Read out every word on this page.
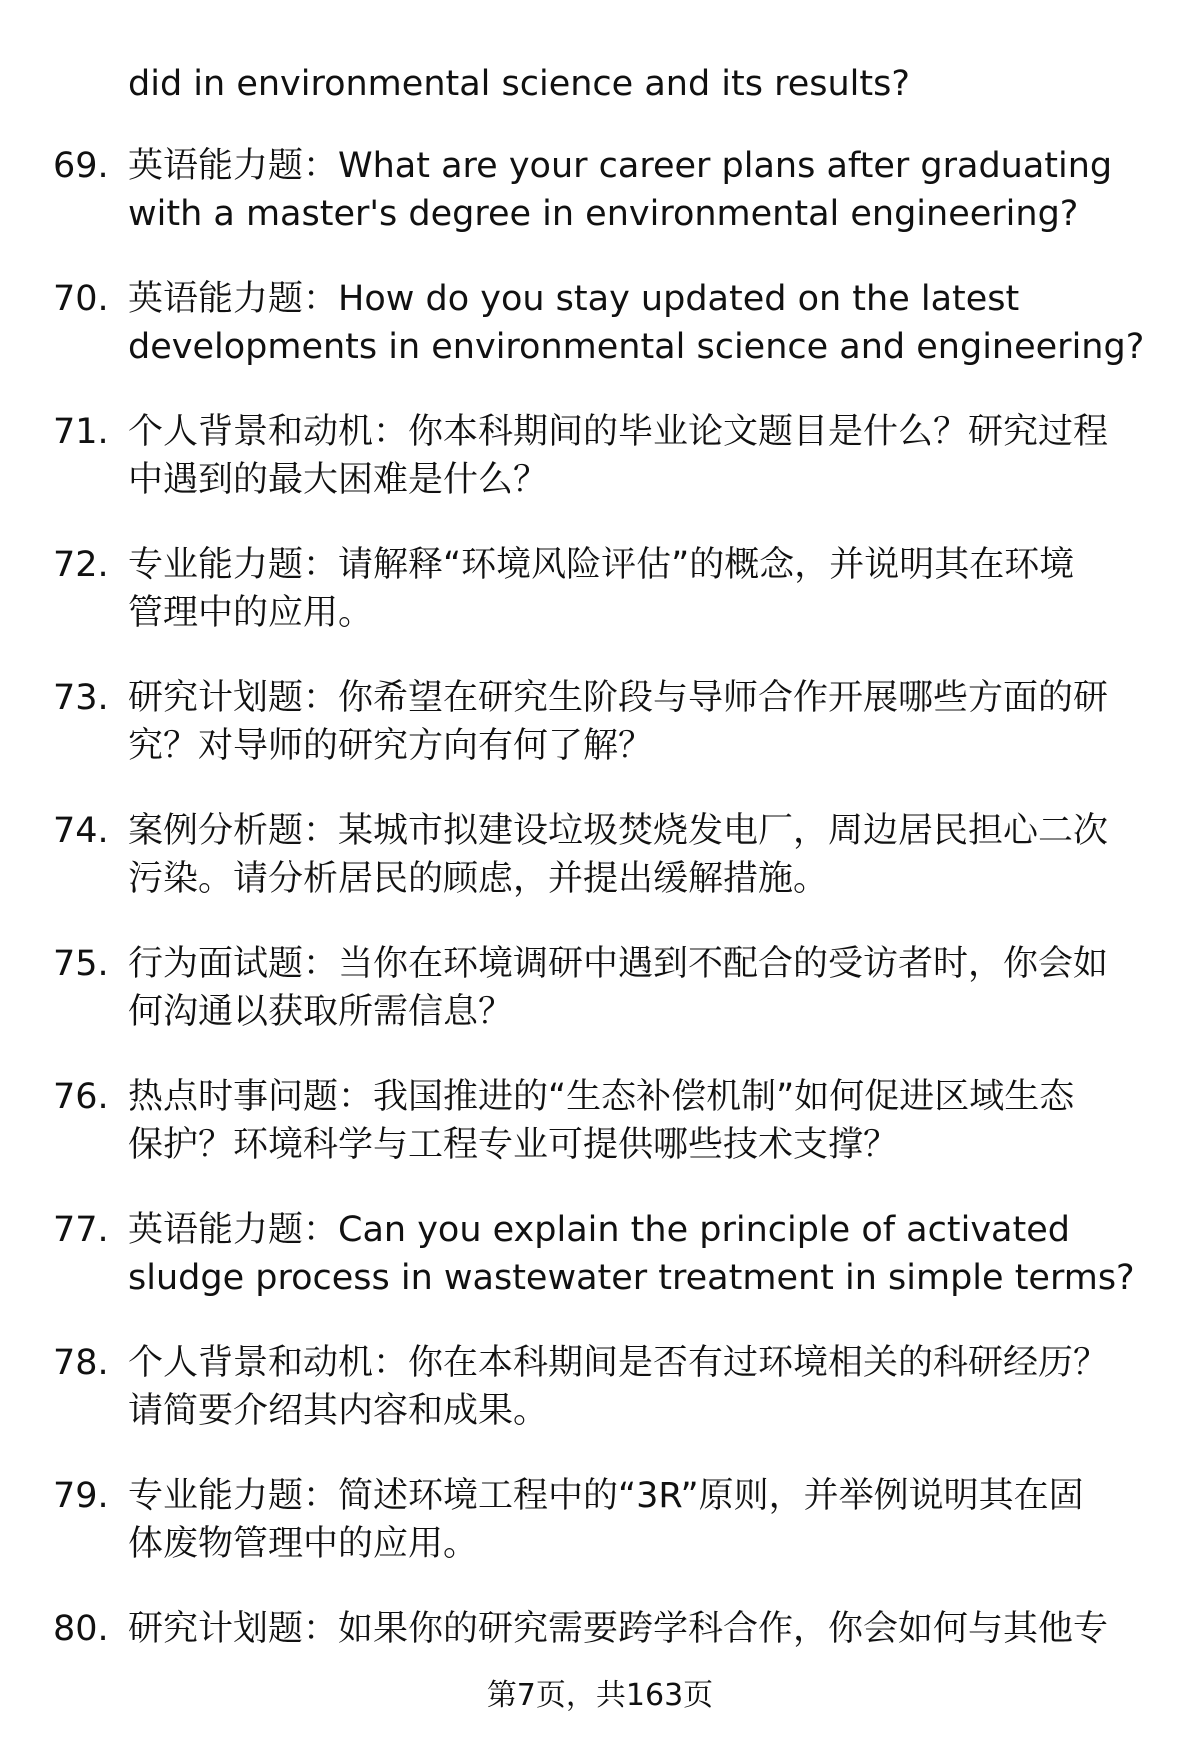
did in environmental science and its results?
69. 英语能力题：What are your career plans after graduating
with a master's degree in environmental engineering?
70. 英语能力题：How do you stay updated on the latest
developments in environmental science and engineering?
71. 个人背景和动机：你本科期间的毕业论文题目是什么？研究过程
中遇到的最大困难是什么？
72. 专业能力题：请解释“环境风险评估”的概念，并说明其在环境
管理中的应用。
73. 研究计划题：你希望在研究生阶段与导师合作开展哪些方面的研
究？对导师的研究方向有何了解？
74. 案例分析题：某城市拟建设垃圾焚烧发电厂，周边居民担心二次
污染。请分析居民的顾虑，并提出缓解措施。
75. 行为面试题：当你在环境调研中遇到不配合的受访者时，你会如
何沟通以获取所需信息？
76. 热点时事问题：我国推进的“生态补偿机制”如何促进区域生态
保护？环境科学与工程专业可提供哪些技术支撑？
77. 英语能力题：Can you explain the principle of activated
sludge process in wastewater treatment in simple terms?
78. 个人背景和动机：你在本科期间是否有过环境相关的科研经历？
请简要介绍其内容和成果。
79. 专业能力题：简述环境工程中的“3R”原则，并举例说明其在固
体废物管理中的应用。
80. 研究计划题：如果你的研究需要跨学科合作，你会如何与其他专
第7页，共163页
